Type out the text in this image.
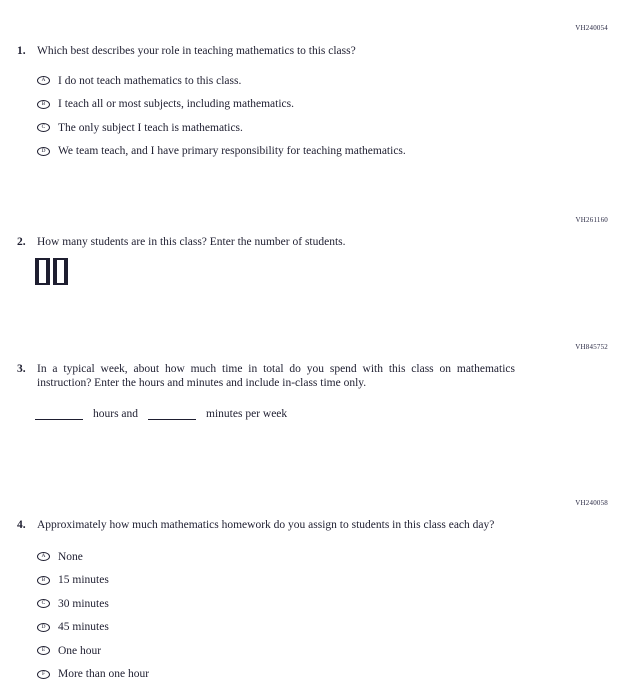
VH240054
1. Which best describes your role in teaching mathematics to this class?
A I do not teach mathematics to this class.
B I teach all or most subjects, including mathematics.
C The only subject I teach is mathematics.
D We team teach, and I have primary responsibility for teaching mathematics.
VH261160
2. How many students are in this class? Enter the number of students.
VH845752
3. In a typical week, about how much time in total do you spend with this class on mathematics instruction? Enter the hours and minutes and include in-class time only.
hours and	minutes per week
VH240058
4. Approximately how much mathematics homework do you assign to students in this class each day?
A None
B 15 minutes
C 30 minutes
D 45 minutes
E One hour
F More than one hour
